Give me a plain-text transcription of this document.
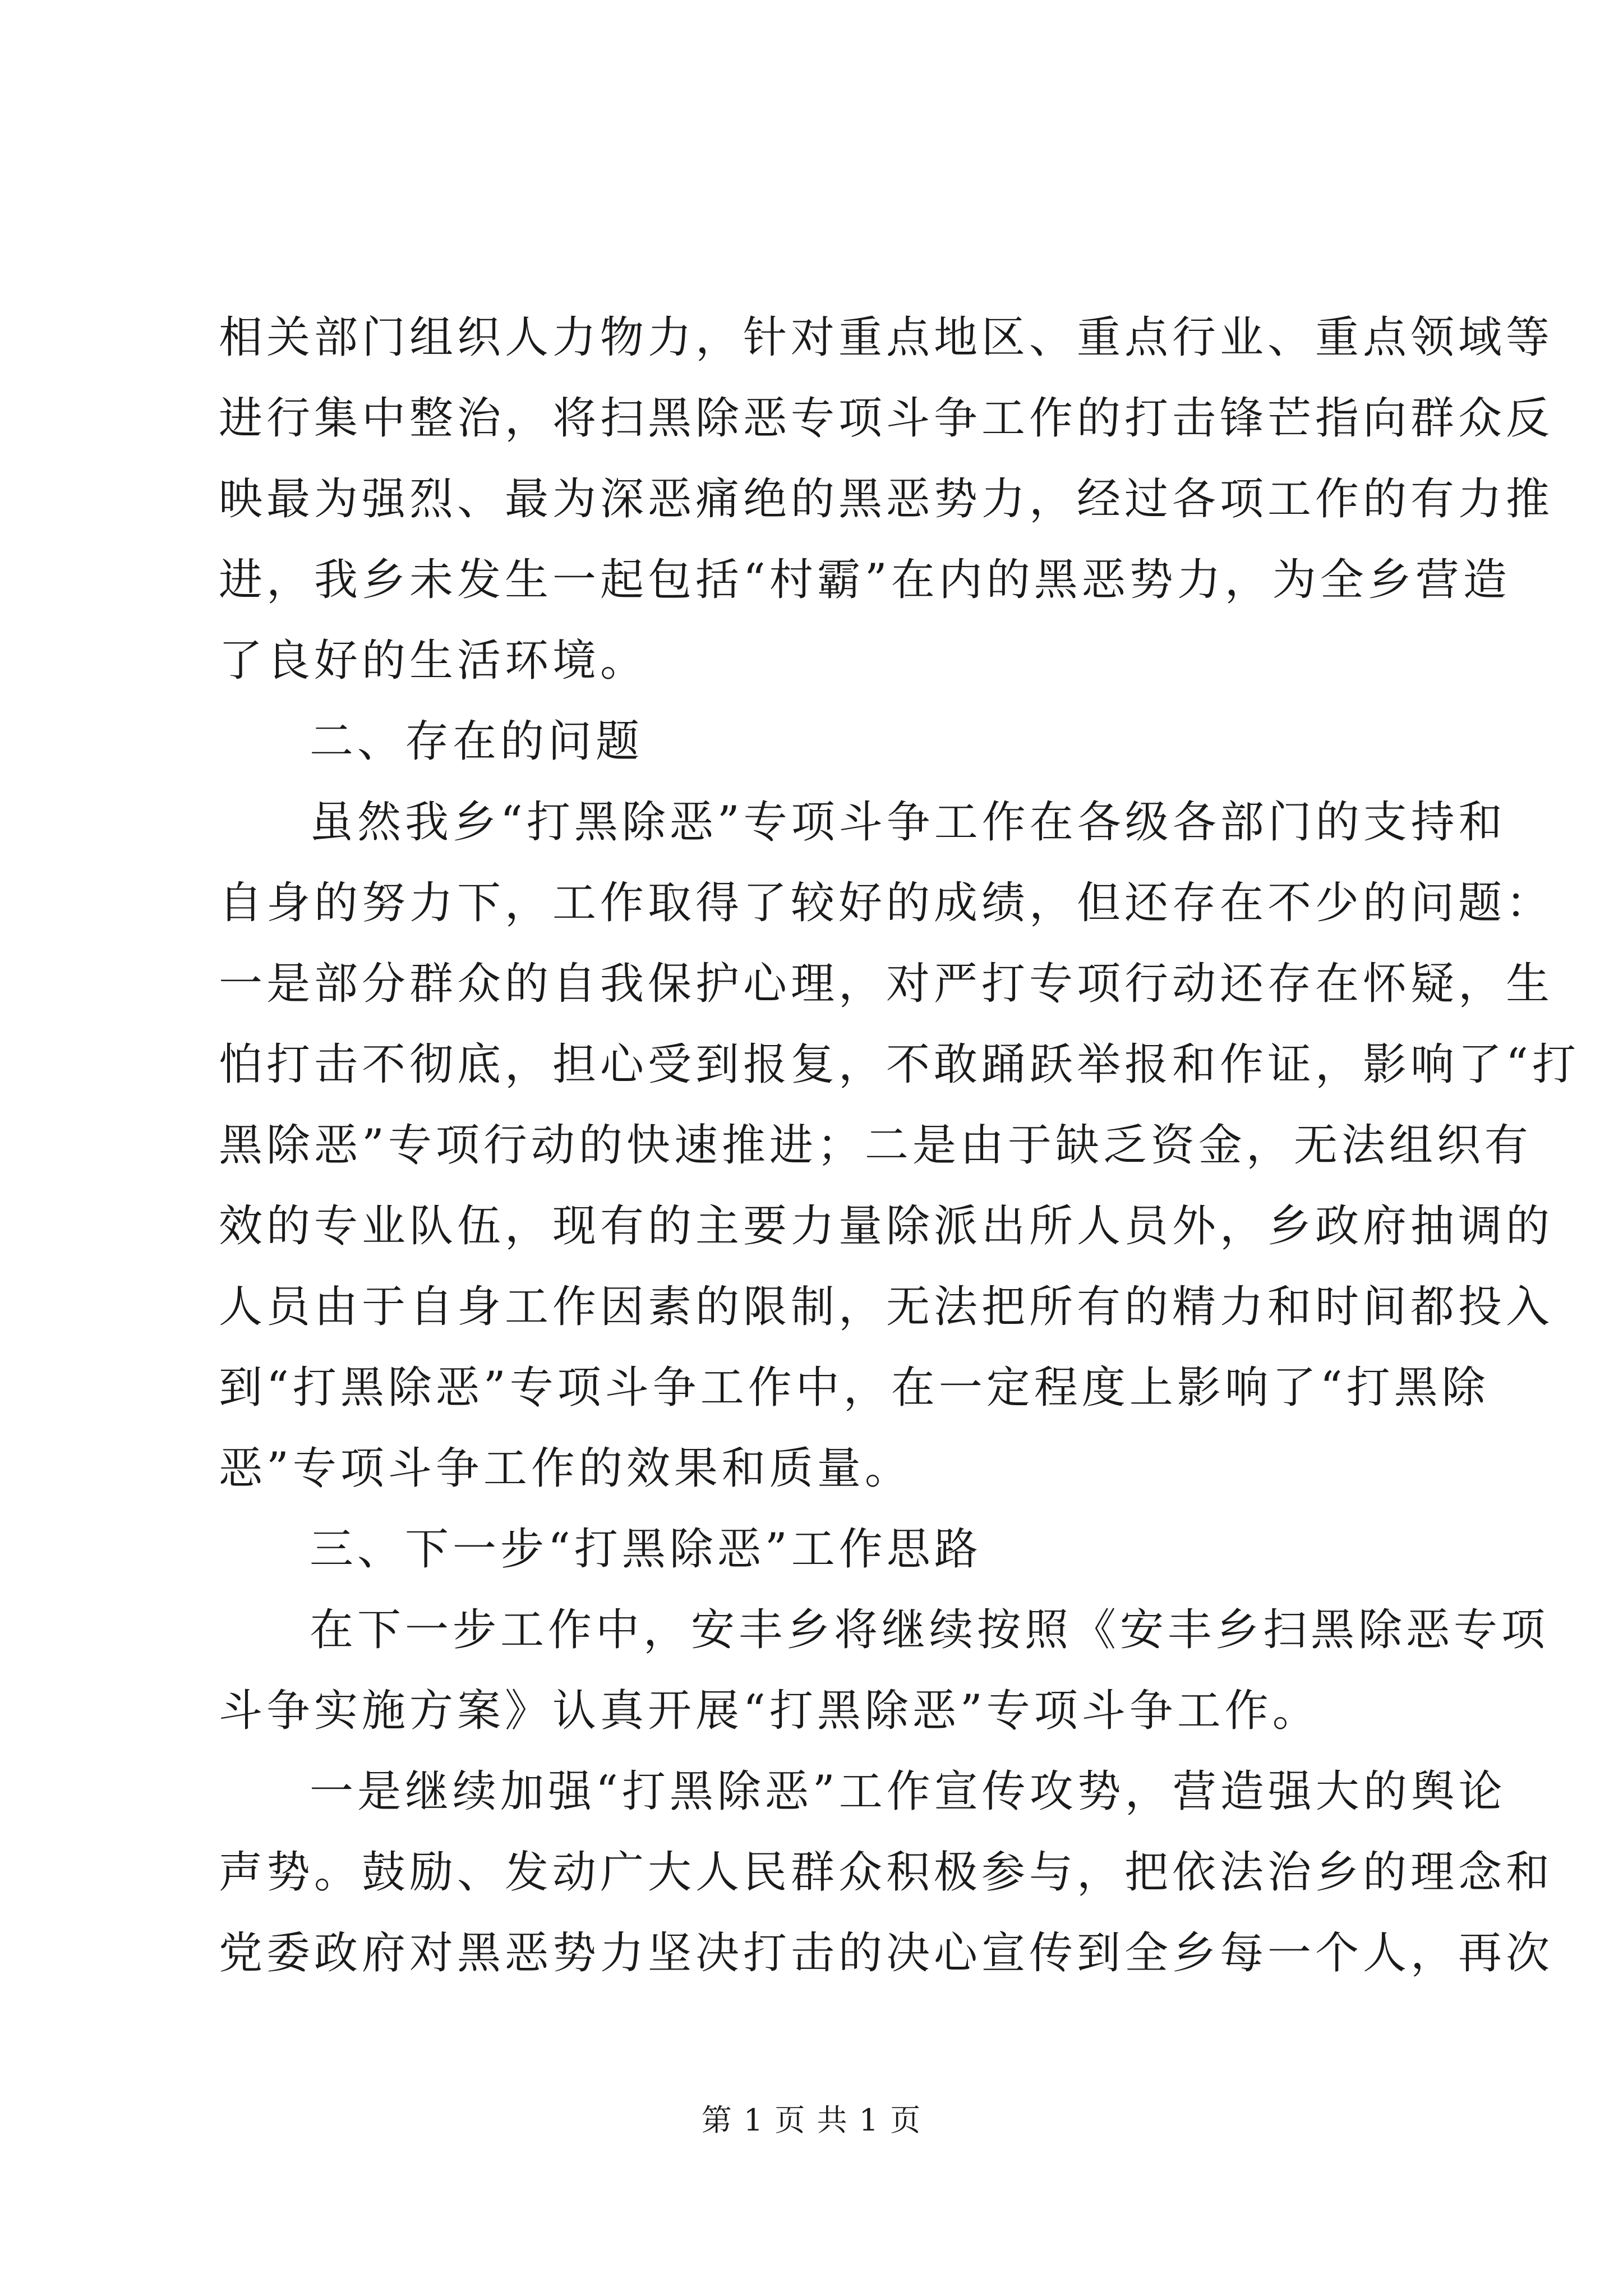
相关部门组织人力物力，针对重点地区、重点行业、重点领域等
进行集中整治，将扫黑除恶专项斗争工作的打击锋芒指向群众反
映最为强烈、最为深恶痛绝的黑恶势力，经过各项工作的有力推
进，我乡未发生一起包括“村霸”在内的黑恶势力，为全乡营造
了良好的生活环境。
二、存在的问题
虽然我乡“打黑除恶”专项斗争工作在各级各部门的支持和
自身的努力下，工作取得了较好的成绩，但还存在不少的问题：
一是部分群众的自我保护心理，对严打专项行动还存在怀疑，生
怕打击不彻底，担心受到报复，不敢踊跃举报和作证，影响了“打
黑除恶”专项行动的快速推进；二是由于缺乏资金，无法组织有
效的专业队伍，现有的主要力量除派出所人员外，乡政府抽调的
人员由于自身工作因素的限制，无法把所有的精力和时间都投入
到“打黑除恶”专项斗争工作中，在一定程度上影响了“打黑除
恶”专项斗争工作的效果和质量。
三、下一步“打黑除恶”工作思路
在下一步工作中，安丰乡将继续按照《安丰乡扫黑除恶专项
斗争实施方案》认真开展“打黑除恶”专项斗争工作。
一是继续加强“打黑除恶”工作宣传攻势，营造强大的舆论
声势。鼓励、发动广大人民群众积极参与，把依法治乡的理念和
党委政府对黑恶势力坚决打击的决心宣传到全乡每一个人，再次
第 1 页 共 1 页
